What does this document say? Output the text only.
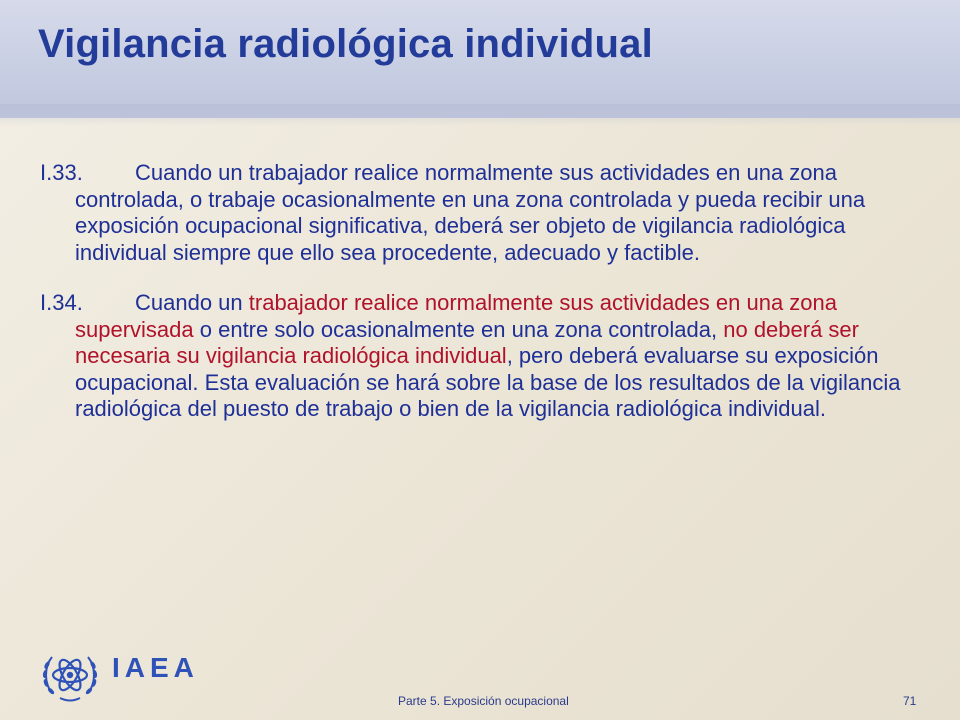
Vigilancia radiológica individual

I.33. Cuando un trabajador realice normalmente sus actividades en una zona controlada, o trabaje ocasionalmente en una zona controlada y pueda recibir una exposición ocupacional significativa, deberá ser objeto de vigilancia radiológica individual siempre que ello sea procedente, adecuado y factible.

I.34. Cuando un trabajador realice normalmente sus actividades en una zona supervisada o entre solo ocasionalmente en una zona controlada, no deberá ser necesaria su vigilancia radiológica individual, pero deberá evaluarse su exposición ocupacional. Esta evaluación se hará sobre la base de los resultados de la vigilancia radiológica del puesto de trabajo o bien de la vigilancia radiológica individual.

IAEA
Parte 5. Exposición ocupacional	71
